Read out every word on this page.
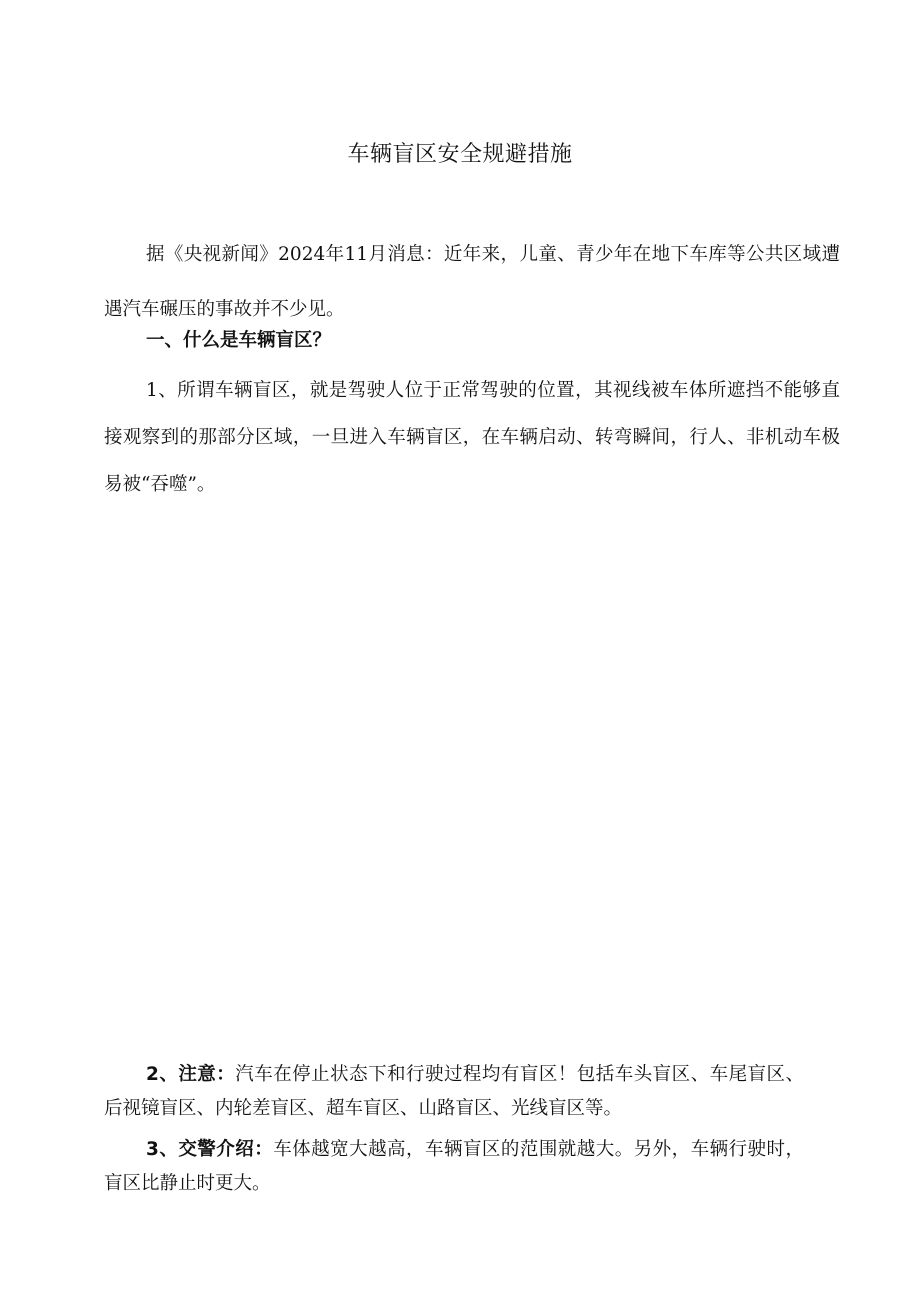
车辆盲区安全规避措施
据《央视新闻》2024年11月消息：近年来，儿童、青少年在地下车库等公共区域遭遇汽车碾压的事故并不少见。
一、什么是车辆盲区？
1、所谓车辆盲区，就是驾驶人位于正常驾驶的位置，其视线被车体所遮挡不能够直接观察到的那部分区域，一旦进入车辆盲区，在车辆启动、转弯瞬间，行人、非机动车极易被“吞噬”。
2、注意：汽车在停止状态下和行驶过程均有盲区！包括车头盲区、车尾盲区、后视镜盲区、内轮差盲区、超车盲区、山路盲区、光线盲区等。
3、交警介绍：车体越宽大越高，车辆盲区的范围就越大。另外，车辆行驶时，盲区比静止时更大。
